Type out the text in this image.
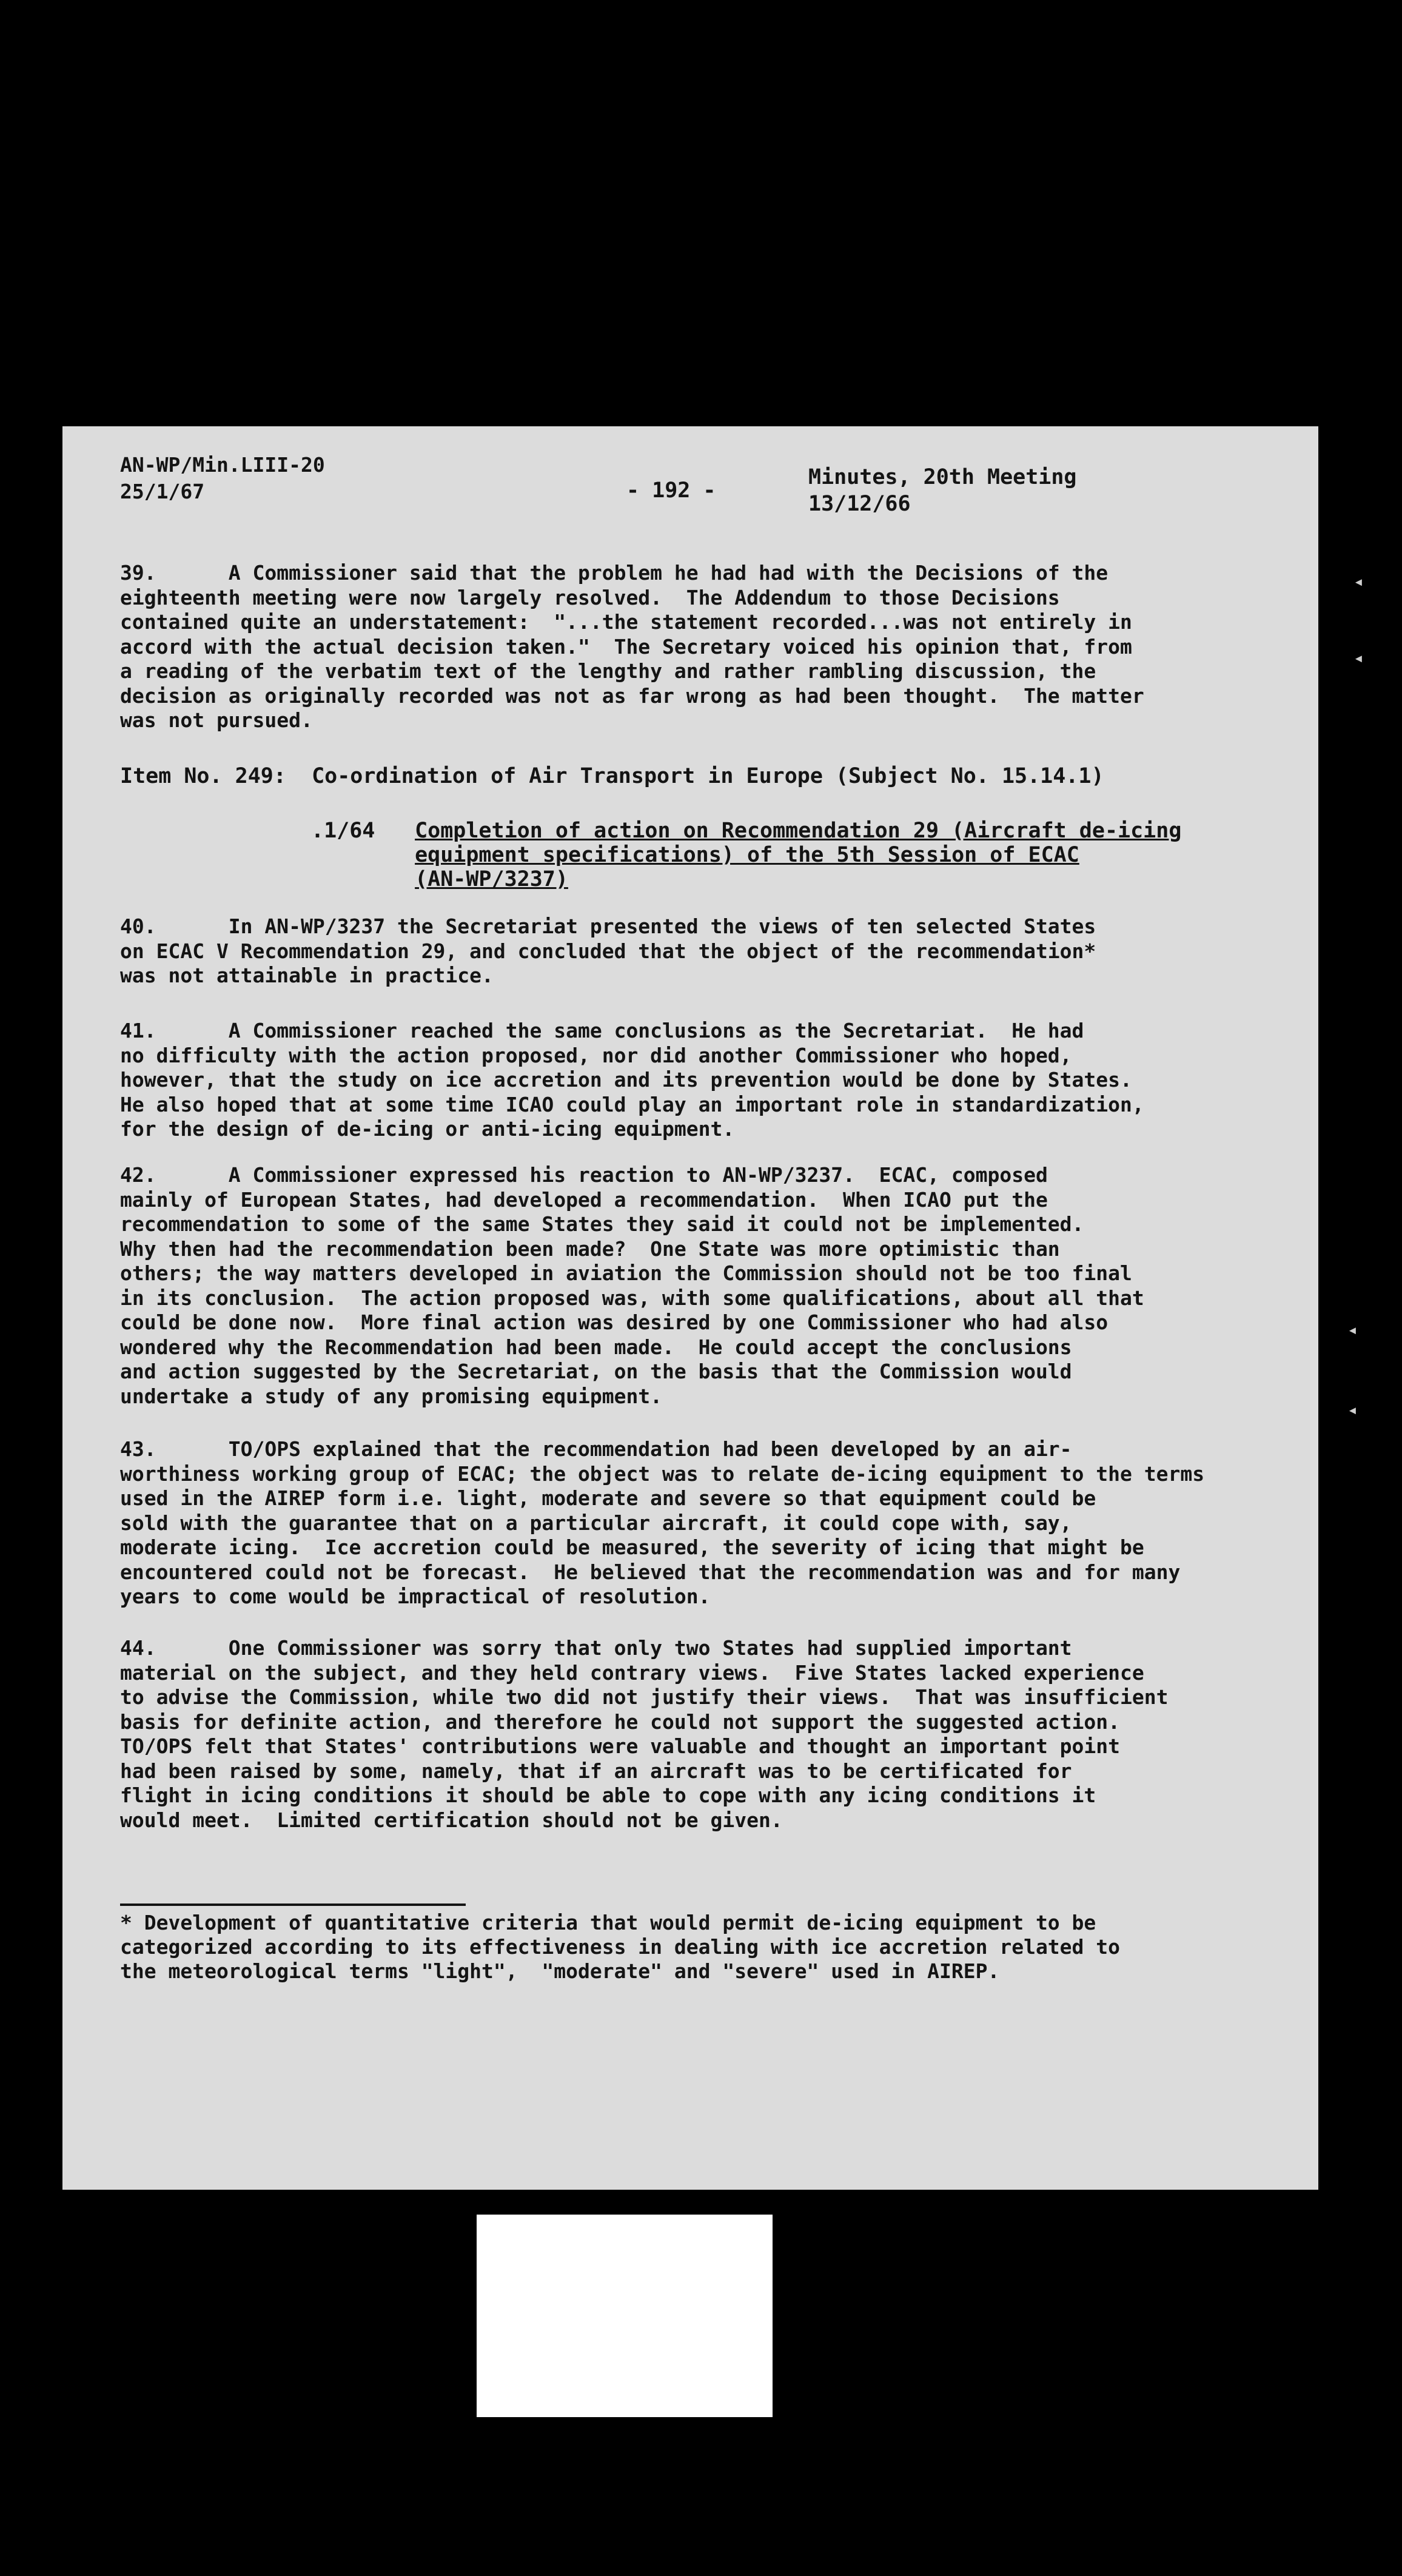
AN-WP/Min.LIII-20
25/1/67	- 192 -
Minutes, 20th Meeting
13/12/66
39.      A Commissioner said that the problem he had had with the Decisions of the
eighteenth meeting were now largely resolved.  The Addendum to those Decisions
contained quite an understatement:  "...the statement recorded...was not entirely in
accord with the actual decision taken."  The Secretary voiced his opinion that, from
a reading of the verbatim text of the lengthy and rather rambling discussion, the
decision as originally recorded was not as far wrong as had been thought.  The matter
was not pursued.
Item No. 249:  Co-ordination of Air Transport in Europe (Subject No. 15.14.1)
.1/64 Completion of action on Recommendation 29 (Aircraft de-icing
equipment specifications) of the 5th Session of ECAC
(AN-WP/3237)
40.      In AN-WP/3237 the Secretariat presented the views of ten selected States
on ECAC V Recommendation 29, and concluded that the object of the recommendation*
was not attainable in practice.
41.      A Commissioner reached the same conclusions as the Secretariat.  He had
no difficulty with the action proposed, nor did another Commissioner who hoped,
however, that the study on ice accretion and its prevention would be done by States.
He also hoped that at some time ICAO could play an important role in standardization,
for the design of de-icing or anti-icing equipment.
42.      A Commissioner expressed his reaction to AN-WP/3237.  ECAC, composed
mainly of European States, had developed a recommendation.  When ICAO put the
recommendation to some of the same States they said it could not be implemented.
Why then had the recommendation been made?  One State was more optimistic than
others; the way matters developed in aviation the Commission should not be too final
in its conclusion.  The action proposed was, with some qualifications, about all that
could be done now.  More final action was desired by one Commissioner who had also
wondered why the Recommendation had been made.  He could accept the conclusions
and action suggested by the Secretariat, on the basis that the Commission would
undertake a study of any promising equipment.
43.      TO/OPS explained that the recommendation had been developed by an air-
worthiness working group of ECAC; the object was to relate de-icing equipment to the terms
used in the AIREP form i.e. light, moderate and severe so that equipment could be
sold with the guarantee that on a particular aircraft, it could cope with, say,
moderate icing.  Ice accretion could be measured, the severity of icing that might be
encountered could not be forecast.  He believed that the recommendation was and for many
years to come would be impractical of resolution.
44.      One Commissioner was sorry that only two States had supplied important
material on the subject, and they held contrary views.  Five States lacked experience
to advise the Commission, while two did not justify their views.  That was insufficient
basis for definite action, and therefore he could not support the suggested action.
TO/OPS felt that States' contributions were valuable and thought an important point
had been raised by some, namely, that if an aircraft was to be certificated for
flight in icing conditions it should be able to cope with any icing conditions it
would meet.  Limited certification should not be given.
* Development of quantitative criteria that would permit de-icing equipment to be
categorized according to its effectiveness in dealing with ice accretion related to
the meteorological terms "light",  "moderate" and "severe" used in AIREP.
◂
◂
◂
◂
